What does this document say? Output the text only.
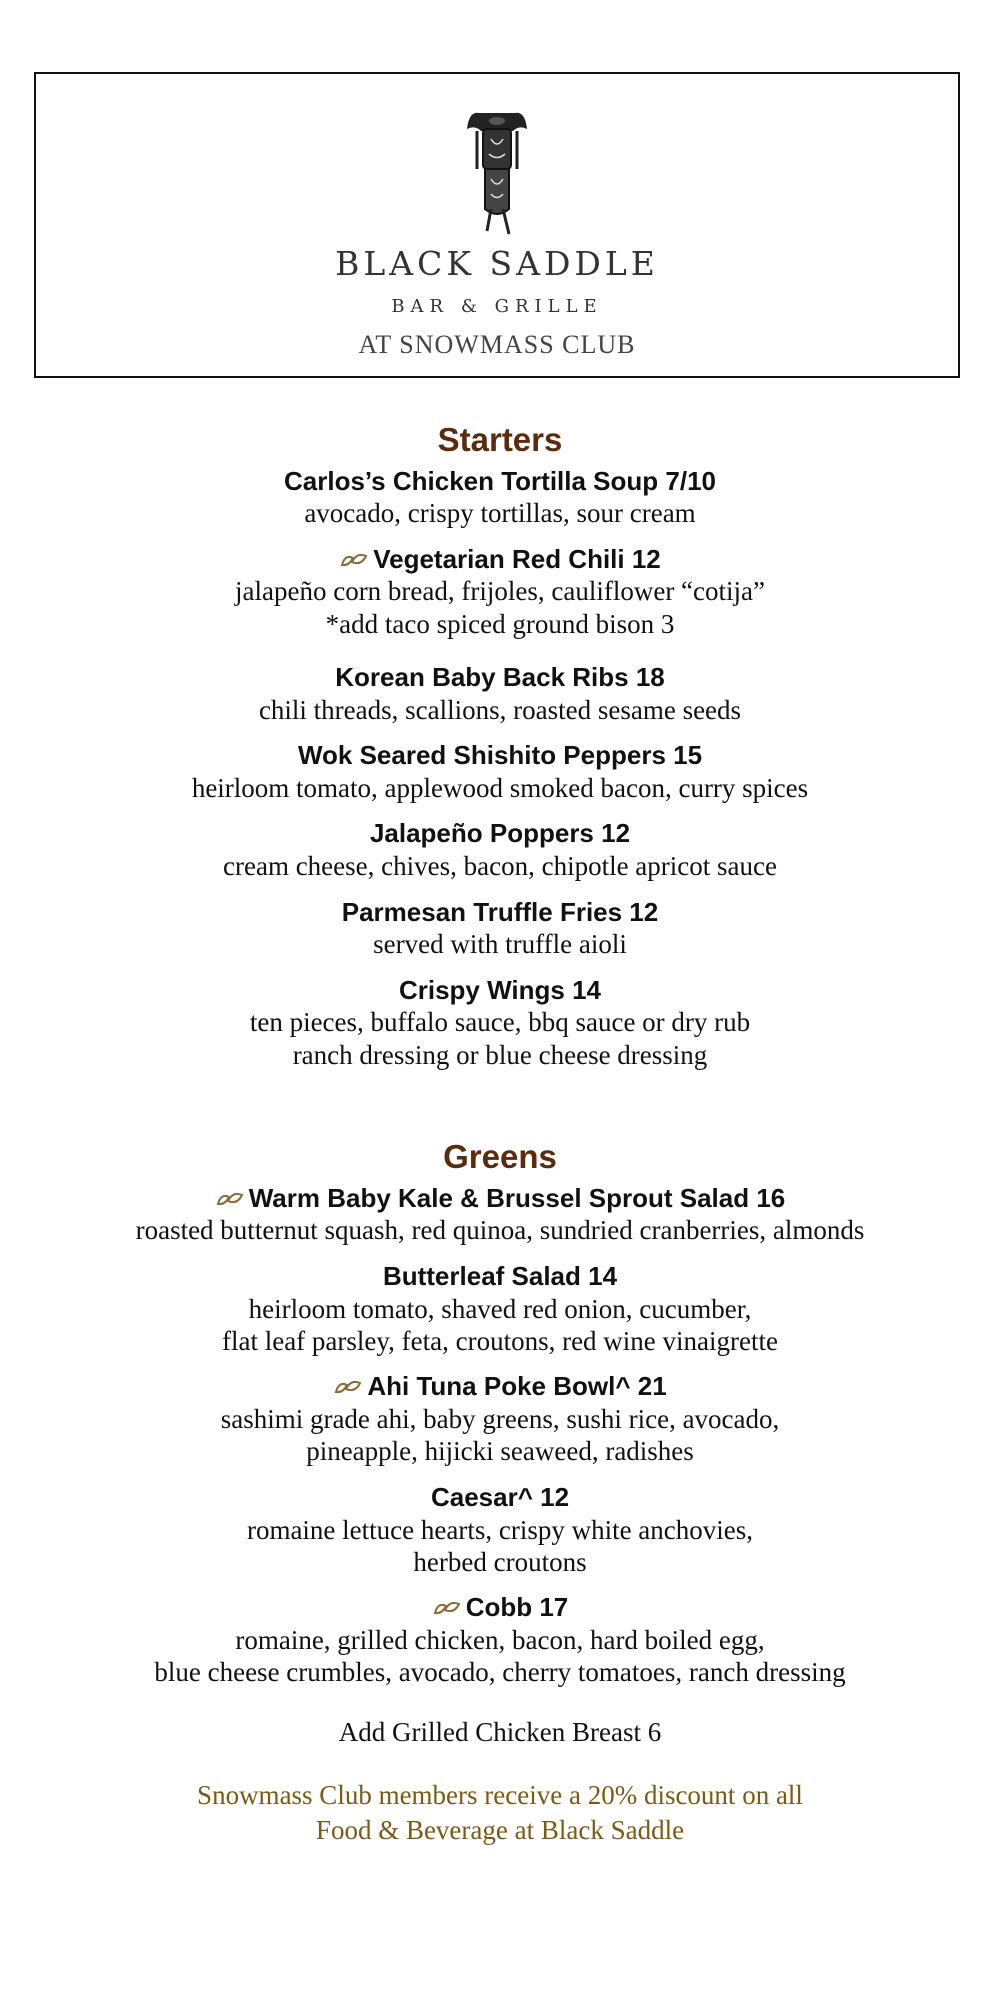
BLACK SADDLE
BAR & GRILLE
AT SNOWMASS CLUB
Starters
Carlos’s Chicken Tortilla Soup 7/10
avocado, crispy tortillas, sour cream
Vegetarian Red Chili 12
jalapeño corn bread, frijoles, cauliflower “cotija”
*add taco spiced ground bison 3
Korean Baby Back Ribs 18
chili threads, scallions, roasted sesame seeds
Wok Seared Shishito Peppers 15
heirloom tomato, applewood smoked bacon, curry spices
Jalapeño Poppers 12
cream cheese, chives, bacon, chipotle apricot sauce
Parmesan Truffle Fries 12
served with truffle aioli
Crispy Wings 14
ten pieces, buffalo sauce, bbq sauce or dry rub
ranch dressing or blue cheese dressing
Greens
Warm Baby Kale & Brussel Sprout Salad 16
roasted butternut squash, red quinoa, sundried cranberries, almonds
Butterleaf Salad 14
heirloom tomato, shaved red onion, cucumber,
flat leaf parsley, feta, croutons, red wine vinaigrette
Ahi Tuna Poke Bowl^ 21
sashimi grade ahi, baby greens, sushi rice, avocado,
pineapple, hijicki seaweed, radishes
Caesar^ 12
romaine lettuce hearts, crispy white anchovies,
herbed croutons
Cobb 17
romaine, grilled chicken, bacon, hard boiled egg,
blue cheese crumbles, avocado, cherry tomatoes, ranch dressing
Add Grilled Chicken Breast 6
Snowmass Club members receive a 20% discount on all
Food & Beverage at Black Saddle
